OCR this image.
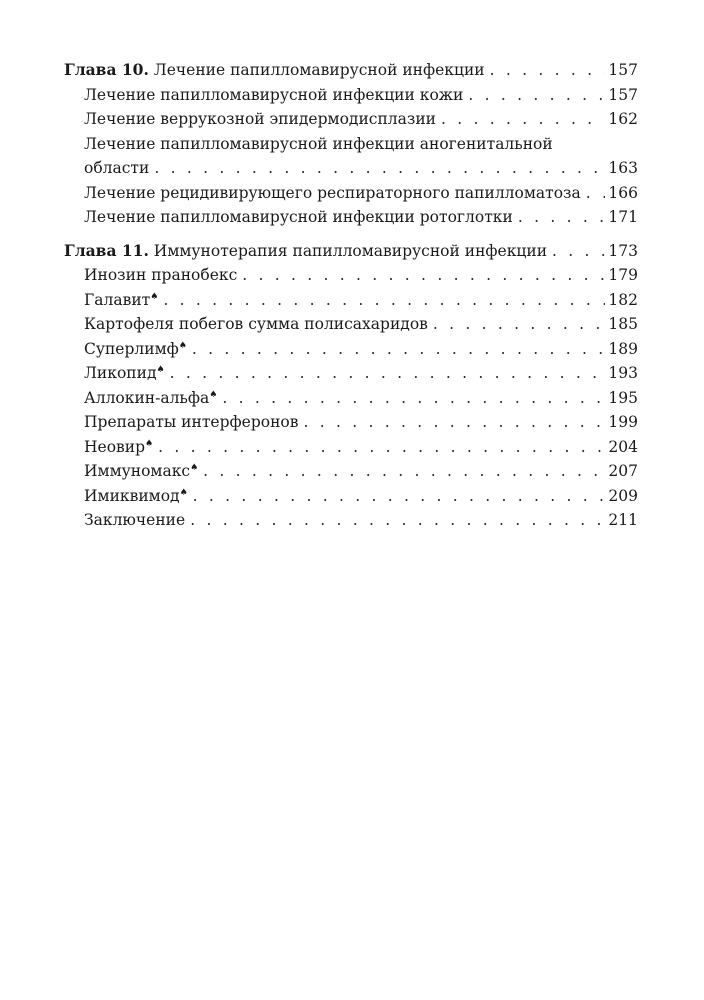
Глава 10. Лечение папилломавирусной инфекции . . .	157
Лечение папилломавирусной инфекции кожи . . .	157
Лечение веррукозной эпидермодисплазии . . .	162
Лечение папилломавирусной инфекции аногенитальной
области . . .	163
Лечение рецидивирующего респираторного папилломатоза . . . 166
Лечение папилломавирусной инфекции ротоглотки . . .	171
Глава 11. Иммунотерапия папилломавирусной инфекции . . .	173
Инозин пранобекс . . .	179
Галавит♠ . . .	182
Картофеля побегов сумма полисахаридов . . .	185
Суперлимф♠ . . .	189
Ликопид♠ . . .	193
Аллокин-альфа♠ . . .	195
Препараты интерферонов . . .	199
Неовир♠ . . .	204
Иммуномакс♠ . . .	207
Имиквимод♠ . . .	209
Заключение . . .	211
